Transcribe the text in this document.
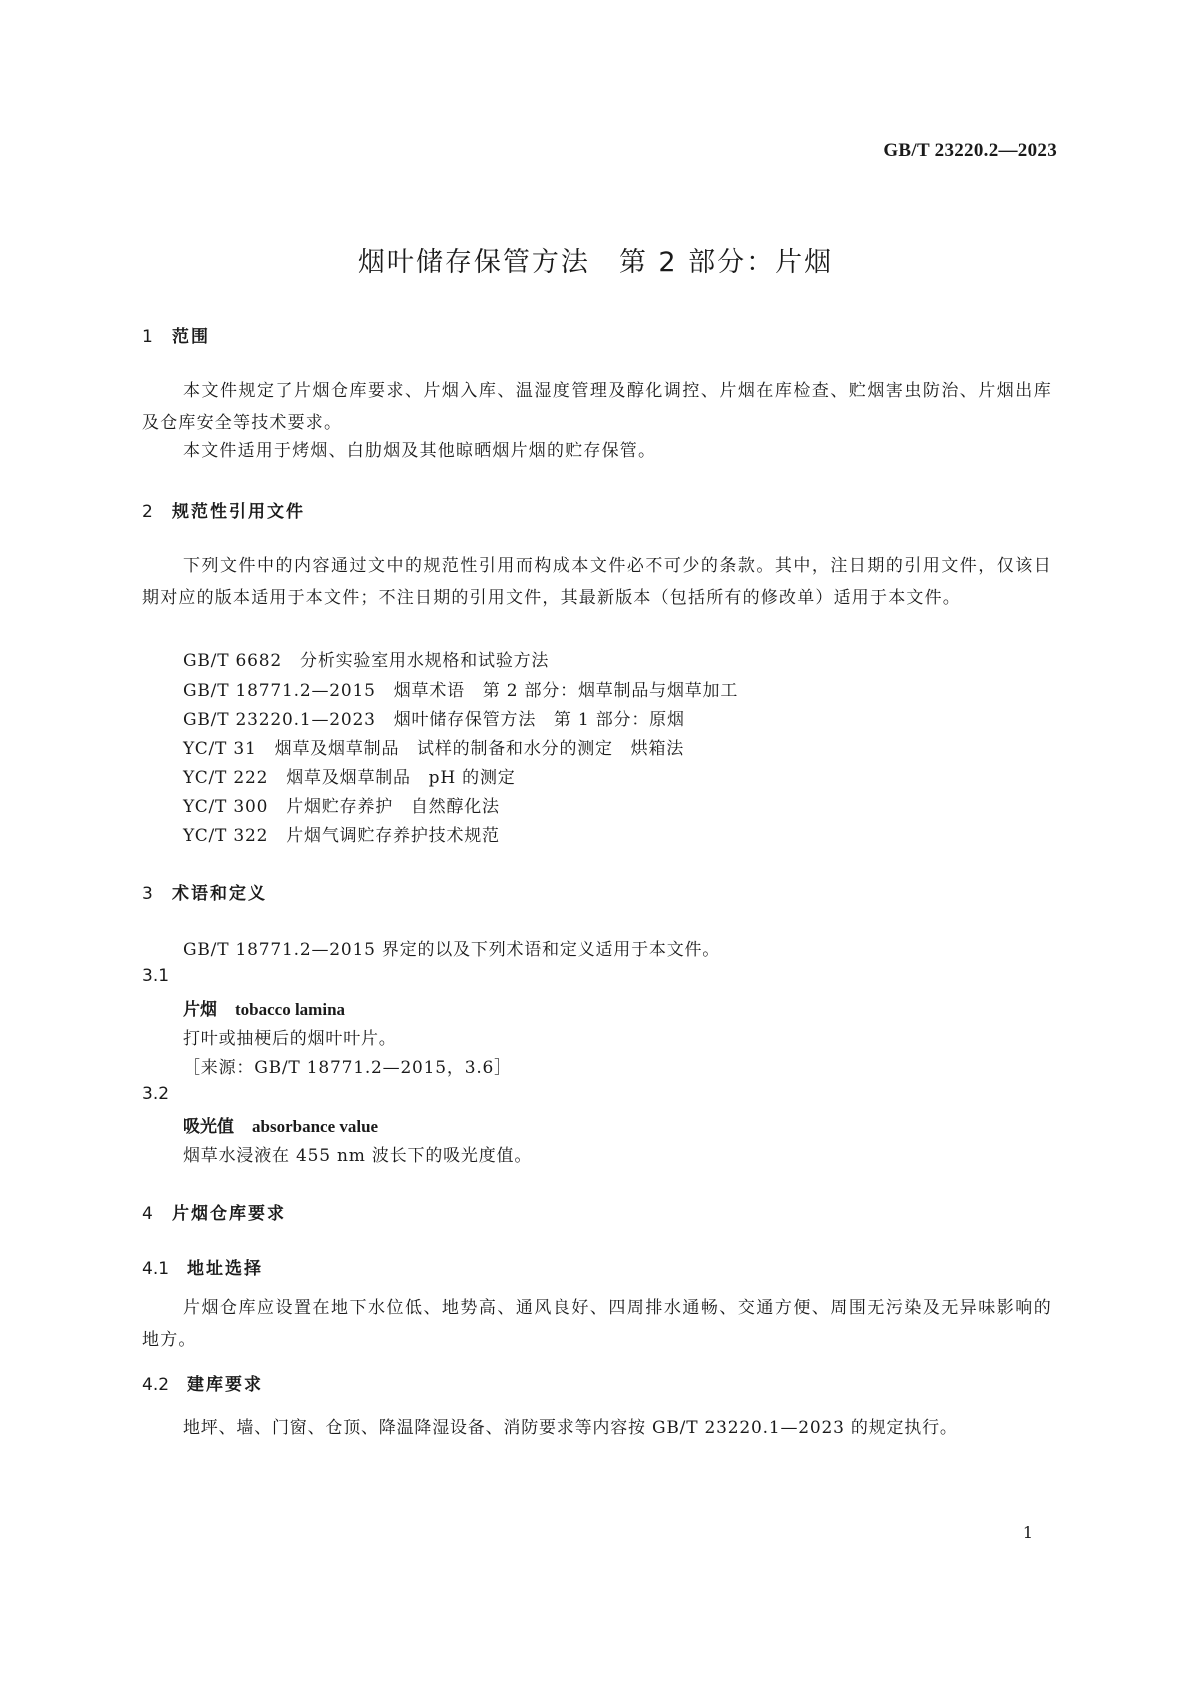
GB/T 23220.2—2023
烟叶储存保管方法　第 2 部分：片烟
1 范围
本文件规定了片烟仓库要求、片烟入库、温湿度管理及醇化调控、片烟在库检查、贮烟害虫防治、片烟出库及仓库安全等技术要求。
本文件适用于烤烟、白肋烟及其他晾晒烟片烟的贮存保管。
2 规范性引用文件
下列文件中的内容通过文中的规范性引用而构成本文件必不可少的条款。其中，注日期的引用文件，仅该日期对应的版本适用于本文件；不注日期的引用文件，其最新版本（包括所有的修改单）适用于本文件。
GB/T 6682 分析实验室用水规格和试验方法
GB/T 18771.2—2015 烟草术语　第 2 部分：烟草制品与烟草加工
GB/T 23220.1—2023 烟叶储存保管方法　第 1 部分：原烟
YC/T 31 烟草及烟草制品　试样的制备和水分的测定　烘箱法
YC/T 222 烟草及烟草制品　pH 的测定
YC/T 300 片烟贮存养护　自然醇化法
YC/T 322 片烟气调贮存养护技术规范
3 术语和定义
GB/T 18771.2—2015 界定的以及下列术语和定义适用于本文件。
3.1
片烟 tobacco lamina
打叶或抽梗后的烟叶叶片。
［来源：GB/T 18771.2—2015，3.6］
3.2
吸光值 absorbance value
烟草水浸液在 455 nm 波长下的吸光度值。
4 片烟仓库要求
4.1 地址选择
片烟仓库应设置在地下水位低、地势高、通风良好、四周排水通畅、交通方便、周围无污染及无异味影响的地方。
4.2 建库要求
地坪、墙、门窗、仓顶、降温降湿设备、消防要求等内容按 GB/T 23220.1—2023 的规定执行。
1
